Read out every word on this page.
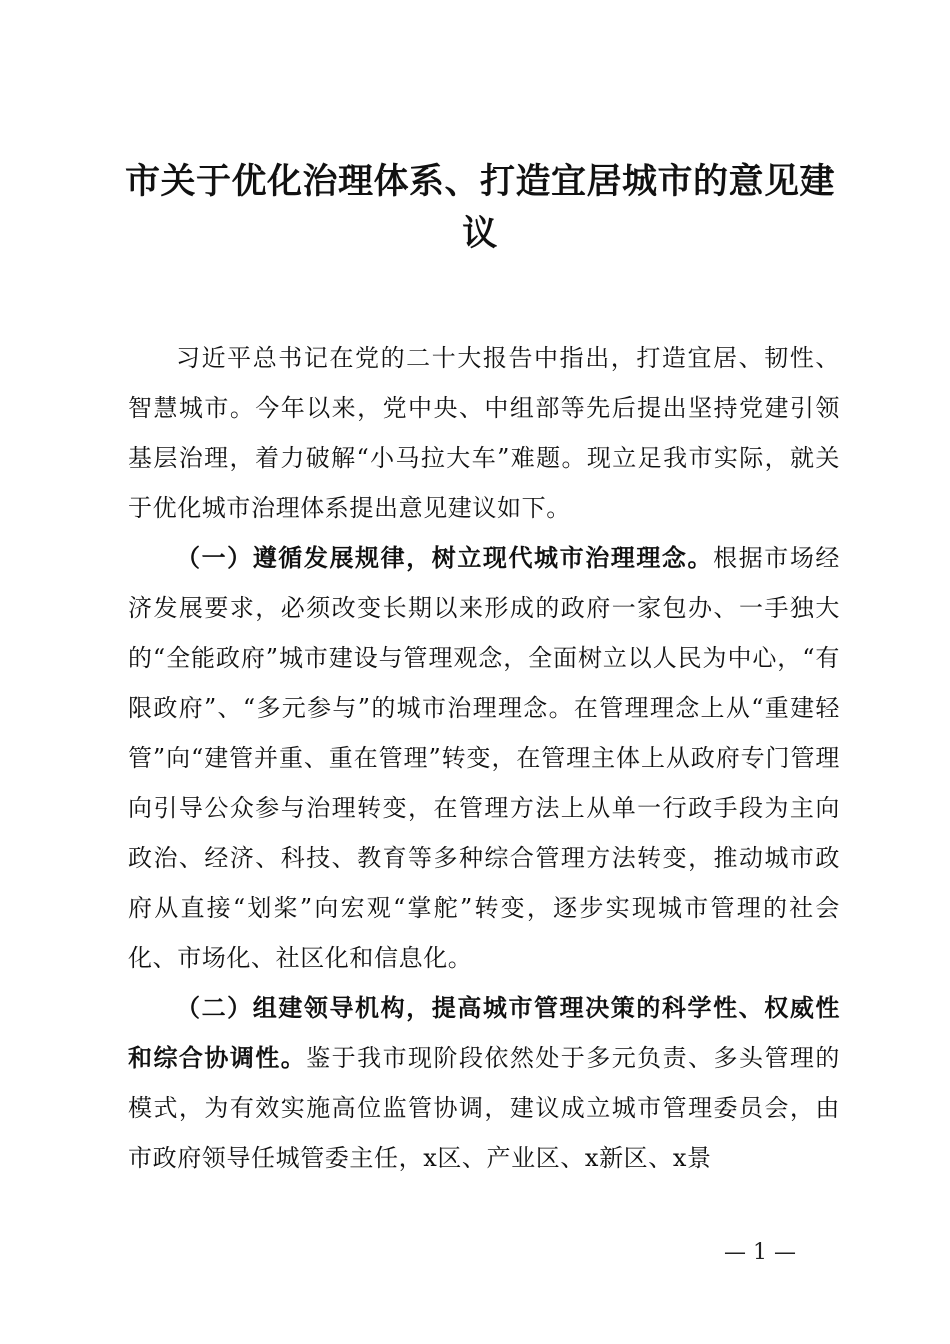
市关于优化治理体系、打造宜居城市的意见建议

习近平总书记在党的二十大报告中指出，打造宜居、韧性、智慧城市。今年以来，党中央、中组部等先后提出坚持党建引领基层治理，着力破解“小马拉大车”难题。现立足我市实际，就关于优化城市治理体系提出意见建议如下。

（一）遵循发展规律，树立现代城市治理理念。根据市场经济发展要求，必须改变长期以来形成的政府一家包办、一手独大的“全能政府”城市建设与管理观念，全面树立以人民为中心，“有限政府”、“多元参与”的城市治理理念。在管理理念上从“重建轻管”向“建管并重、重在管理”转变，在管理主体上从政府专门管理向引导公众参与治理转变，在管理方法上从单一行政手段为主向政治、经济、科技、教育等多种综合管理方法转变，推动城市政府从直接“划桨”向宏观“掌舵”转变，逐步实现城市管理的社会化、市场化、社区化和信息化。

（二）组建领导机构，提高城市管理决策的科学性、权威性和综合协调性。鉴于我市现阶段依然处于多元负责、多头管理的模式，为有效实施高位监管协调，建议成立城市管理委员会，由市政府领导任城管委主任，x区、产业区、x新区、x景

— 1 —
